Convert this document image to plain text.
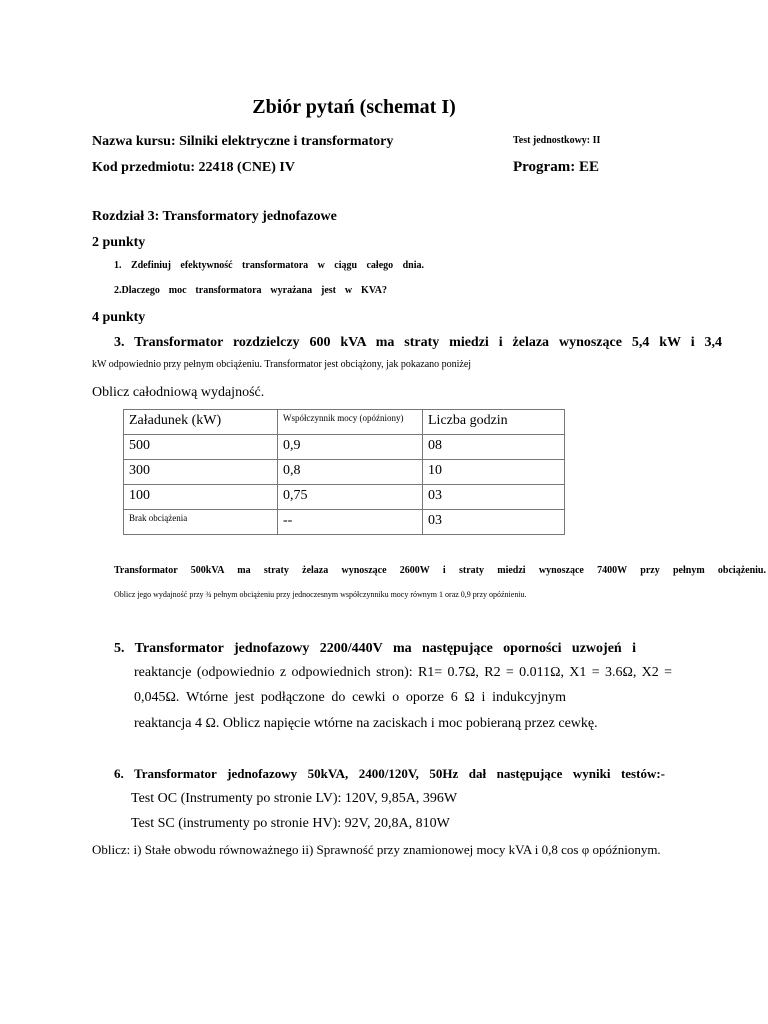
Zbiór pytań (schemat I)
Nazwa kursu: Silniki elektryczne i transformatory	Test jednostkowy: II
Kod przedmiotu: 22418 (CNE) IV	Program: EE
Rozdział 3: Transformatory jednofazowe
2 punkty
1. Zdefiniuj efektywność transformatora w ciągu całego dnia.
2.Dlaczego moc transformatora wyrażana jest w KVA?
4 punkty
3. Transformator rozdzielczy 600 kVA ma straty miedzi i żelaza wynoszące 5,4 kW i 3,4
kW odpowiednio przy pełnym obciążeniu. Transformator jest obciążony, jak pokazano poniżej
Oblicz całodniową wydajność.
Załadunek (kW)	Współczynnik mocy (opóźniony)	Liczba godzin
500	0,9	08
300	0,8	10
100	0,75	03
Brak obciążenia	--	03
Transformator 500kVA ma straty żelaza wynoszące 2600W i straty miedzi wynoszące 7400W przy pełnym obciążeniu.
Oblicz jego wydajność przy ¾ pełnym obciążeniu przy jednoczesnym współczynniku mocy równym 1 oraz 0,9 przy opóźnieniu.
5. Transformator jednofazowy 2200/440V ma następujące oporności uzwojeń i
reaktancje (odpowiednio z odpowiednich stron): R1= 0.7Ω, R2 = 0.011Ω, X1 = 3.6Ω, X2 =
0,045Ω. Wtórne jest podłączone do cewki o oporze 6 Ω i indukcyjnym
reaktancja 4 Ω. Oblicz napięcie wtórne na zaciskach i moc pobieraną przez cewkę.
6. Transformator jednofazowy 50kVA, 2400/120V, 50Hz dał następujące wyniki testów:-
Test OC (Instrumenty po stronie LV): 120V, 9,85A, 396W
Test SC (instrumenty po stronie HV): 92V, 20,8A, 810W
Oblicz: i) Stałe obwodu równoważnego ii) Sprawność przy znamionowej mocy kVA i 0,8 cos φ opóźnionym.
